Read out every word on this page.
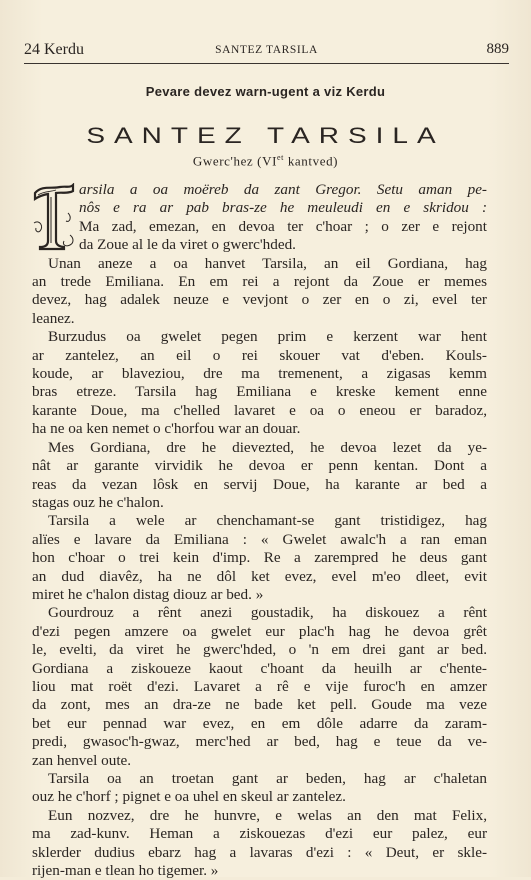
24 Kerdu	SANTEZ TARSILA	889
Pevare devez warn-ugent a viz Kerdu
SANTEZ TARSILA
Gwerc'hez ($VI^{et}$ kantved)
arsila a oa moëreb da zant Gregor. Setu aman pe-
nôs e ra ar pab bras-ze he meuleudi en e skridou :
Ma zad, emezan, en devoa ter c'hoar ; o zer e rejont
da Zoue al le da viret o gwerc'hded.
Unan aneze a oa hanvet Tarsila, an eil Gordiana, hag
an trede Emiliana. En em rei a rejont da Zoue er memes
devez, hag adalek neuze e vevjont o zer en o zi, evel ter
leanez.
Burzudus oa gwelet pegen prim e kerzent war hent
ar zantelez, an eil o rei skouer vat d'eben. Kouls-
koude, ar blaveziou, dre ma tremenent, a zigasas kemm
bras etreze. Tarsila hag Emiliana e kreske kement enne
karante Doue, ma c'helled lavaret e oa o eneou er baradoz,
ha ne oa ken nemet o c'horfou war an douar.
Mes Gordiana, dre he dievezted, he devoa lezet da ye-
nât ar garante virvidik he devoa er penn kentan. Dont a
reas da vezan lôsk en servij Doue, ha karante ar bed a
stagas ouz he c'halon.
Tarsila a wele ar chenchamant-se gant tristidigez, hag
alïes e lavare da Emiliana : « Gwelet awalc'h a ran eman
hon c'hoar o trei kein d'imp. Re a zarempred he deus gant
an dud diavêz, ha ne dôl ket evez, evel m'eo dleet, evit
miret he c'halon distag diouz ar bed. »
Gourdrouz a rênt anezi goustadik, ha diskouez a rênt
d'ezi pegen amzere oa gwelet eur plac'h hag he devoa grêt
le, evelti, da viret he gwerc'hded, o 'n em drei gant ar bed.
Gordiana a ziskoueze kaout c'hoant da heuilh ar c'hente-
liou mat roët d'ezi. Lavaret a rê e vije furoc'h en amzer
da zont, mes an dra-ze ne bade ket pell. Goude ma veze
bet eur pennad war evez, en em dôle adarre da zaram-
predi, gwasoc'h-gwaz, merc'hed ar bed, hag e teue da ve-
zan henvel oute.
Tarsila oa an troetan gant ar beden, hag ar c'haletan
ouz he c'horf ; pignet e oa uhel en skeul ar zantelez.
Eun nozvez, dre he hunvre, e welas an den mat Felix,
ma zad-kunv. Heman a ziskouezas d'ezi eur palez, eur
sklerder dudius ebarz hag a lavaras d'ezi : « Deut, er sklе-
rijen-man e tlean ho tigemer. »
